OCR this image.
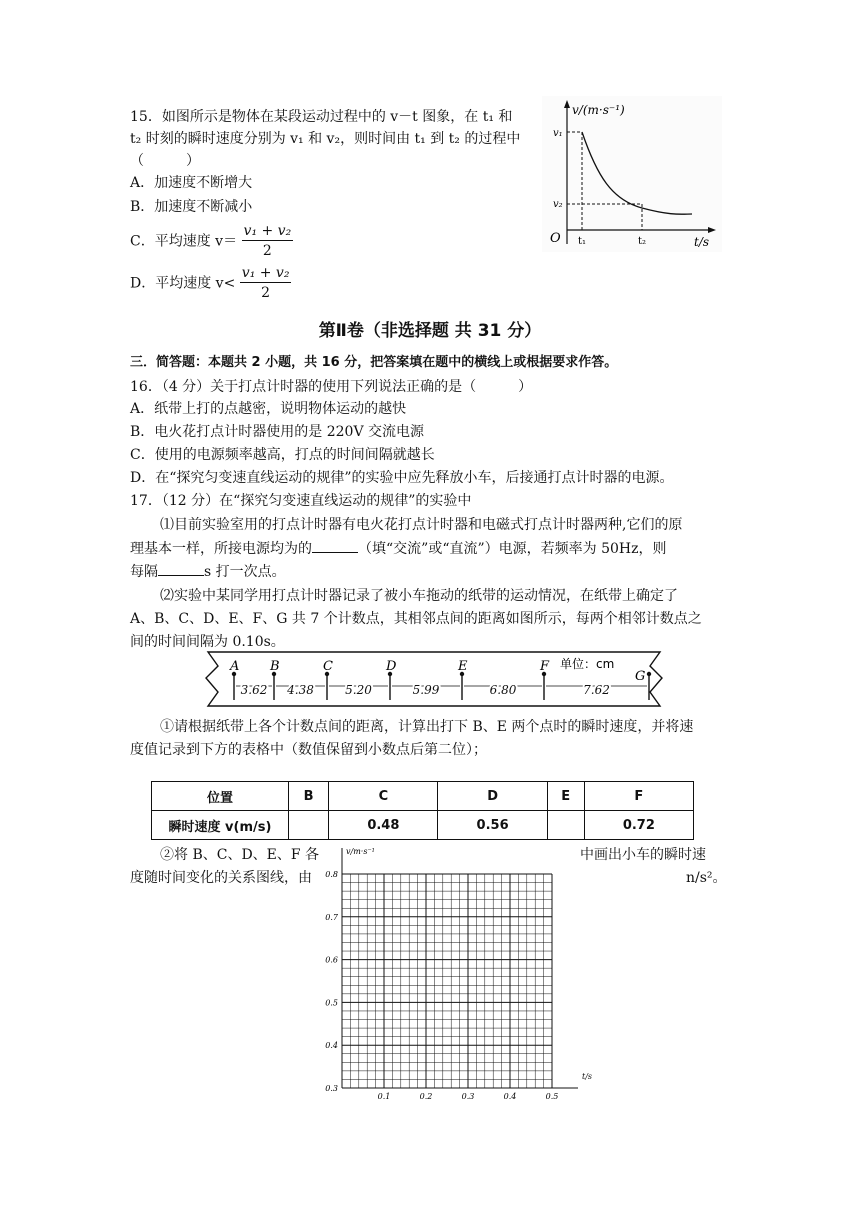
15．如图所示是物体在某段运动过程中的 v－t 图象，在 t₁ 和
t₂ 时刻的瞬时速度分别为 v₁ 和 v₂，则时间由 t₁ 到 t₂ 的过程中
（　　　）
A．加速度不断增大
B．加速度不断减小
C．平均速度 $v= \frac{\text{v₁ + v₂}}{2}$
D．平均速度 $v< \frac{\text{v₁ + v₂}}{2}$
v/(m·s⁻¹)
t/s
O
v₁
v₂
t₁	t₂
第Ⅱ卷（非选择题 共 31 分）
三．简答题：本题共 2 小题，共 16 分，把答案填在题中的横线上或根据要求作答。
16．（4 分）关于打点计时器的使用下列说法正确的是（　　　）
A．纸带上打的点越密，说明物体运动的越快
B．电火花打点计时器使用的是 220V 交流电源
C．使用的电源频率越高，打点的时间间隔就越长
D．在“探究匀变速直线运动的规律”的实验中应先释放小车，后接通打点计时器的电源。
17．（12 分）在“探究匀变速直线运动的规律”的实验中
⑴目前实验室用的打点计时器有电火花打点计时器和电磁式打点计时器两种,它们的原
理基本一样，所接电源均为的	（填“交流”或“直流”）电源，若频率为 50Hz，则
每隔	s 打一次点。
⑵实验中某同学用打点计时器记录了被小车拖动的纸带的运动情况，在纸带上确定了
A、B、C、D、E、F、G 共 7 个计数点，其相邻点间的距离如图所示，每两个相邻计数点之
间的时间间隔为 0.10s。
单位：cm
A B	C	D	E	F
G
3.62 4.38	5.20	5.99	6.80	7.62
①请根据纸带上各个计数点间的距离，计算出打下 B、E 两个点时的瞬时速度，并将速
度值记录到下方的表格中（数值保留到小数点后第二位）；
位置	B	C	D	E	F
瞬时速度 v(m/s)		0.48	0.56		0.72
②将 B、C、D、E、F 各	中画出小车的瞬时速
度随时间变化的关系图线，由	n/s²。
v/m·s⁻¹
0.8
0.7
0.6
0.5
0.4
0.3
0.1	0.2	0.3	0.4	0.5
t/s
